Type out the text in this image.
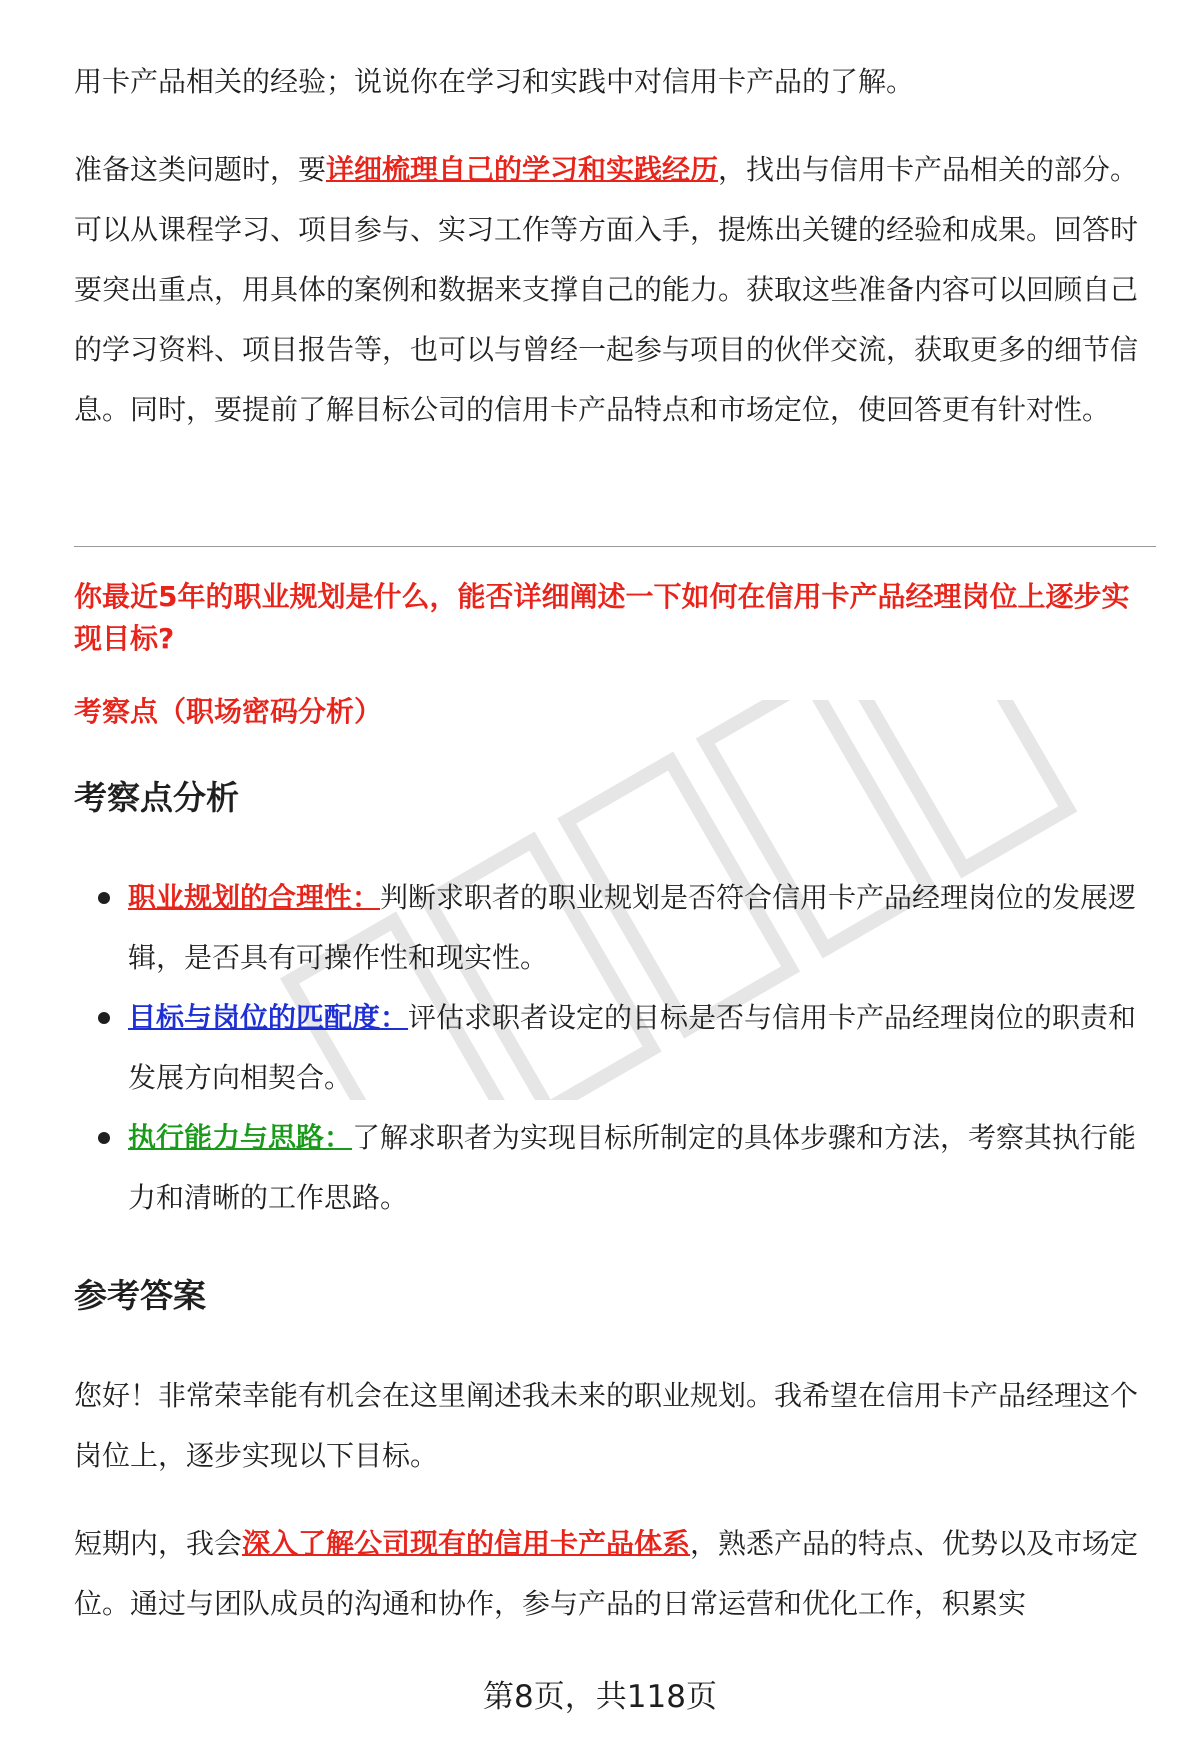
用卡产品相关的经验；说说你在学习和实践中对信用卡产品的了解。

准备这类问题时，要详细梳理自己的学习和实践经历，找出与信用卡产品相关的部分。可以从课程学习、项目参与、实习工作等方面入手，提炼出关键的经验和成果。回答时要突出重点，用具体的案例和数据来支撑自己的能力。获取这些准备内容可以回顾自己的学习资料、项目报告等，也可以与曾经一起参与项目的伙伴交流，获取更多的细节信息。同时，要提前了解目标公司的信用卡产品特点和市场定位，使回答更有针对性。

你最近5年的职业规划是什么，能否详细阐述一下如何在信用卡产品经理岗位上逐步实现目标?

考察点（职场密码分析）

考察点分析
职业规划的合理性：判断求职者的职业规划是否符合信用卡产品经理岗位的发展逻辑，是否具有可操作性和现实性。
目标与岗位的匹配度：评估求职者设定的目标是否与信用卡产品经理岗位的职责和发展方向相契合。
执行能力与思路：了解求职者为实现目标所制定的具体步骤和方法，考察其执行能力和清晰的工作思路。
参考答案

您好！非常荣幸能有机会在这里阐述我未来的职业规划。我希望在信用卡产品经理这个岗位上，逐步实现以下目标。

短期内，我会深入了解公司现有的信用卡产品体系，熟悉产品的特点、优势以及市场定位。通过与团队成员的沟通和协作，参与产品的日常运营和优化工作，积累实

第8页，共118页
